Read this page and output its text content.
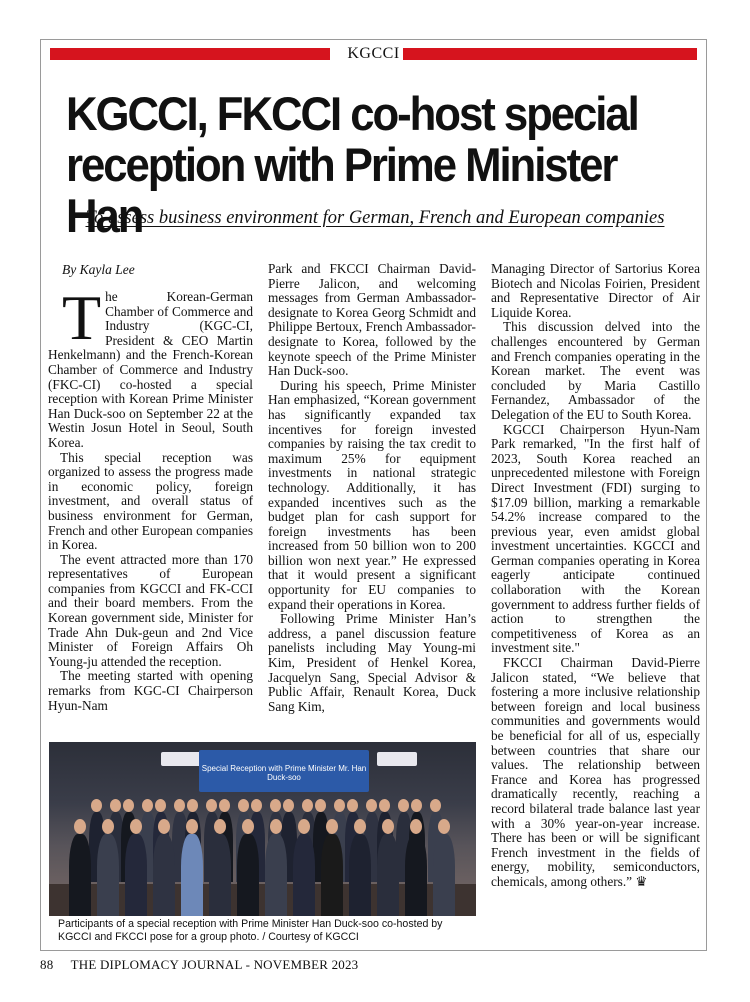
KGCCI
KGCCI, FKCCI co-host special reception with Prime Minister Han
To assess business environment for German, French and European companies
By Kayla Lee

The Korean-German Chamber of Commerce and Industry (KGC-CI, President & CEO Martin Henkelmann) and the French-Korean Chamber of Commerce and Industry (FKC-CI) co-hosted a special reception with Korean Prime Minister Han Duck-soo on September 22 at the Westin Josun Hotel in Seoul, South Korea.

This special reception was organized to assess the progress made in economic policy, foreign investment, and overall status of business environment for German, French and other European companies in Korea.

The event attracted more than 170 representatives of European companies from KGCCI and FK-CCI and their board members. From the Korean government side, Minister for Trade Ahn Duk-geun and 2nd Vice Minister of Foreign Affairs Oh Young-ju attended the reception.

The meeting started with opening remarks from KGC-CI Chairperson Hyun-Nam

Park and FKCCI Chairman David-Pierre Jalicon, and welcoming messages from German Ambassador-designate to Korea Georg Schmidt and Philippe Bertoux, French Ambassador-designate to Korea, followed by the keynote speech of the Prime Minister Han Duck-soo.

During his speech, Prime Minister Han emphasized, “Korean government has significantly expanded tax incentives for foreign invested companies by raising the tax credit to maximum 25% for equipment investments in national strategic technology. Additionally, it has expanded incentives such as the budget plan for cash support for foreign investments has been increased from 50 billion won to 200 billion won next year.” He expressed that it would present a significant opportunity for EU companies to expand their operations in Korea.

Following Prime Minister Han’s address, a panel discussion feature panelists including May Young-mi Kim, President of Henkel Korea, Jacquelyn Sang, Special Advisor & Public Affair, Renault Korea, Duck Sang Kim,

Managing Director of Sartorius Korea Biotech and Nicolas Foirien, President and Representative Director of Air Liquide Korea.

This discussion delved into the challenges encountered by German and French companies operating in the Korean market. The event was concluded by Maria Castillo Fernandez, Ambassador of the Delegation of the EU to South Korea.

KGCCI Chairperson Hyun-Nam Park remarked, "In the first half of 2023, South Korea reached an unprecedented milestone with Foreign Direct Investment (FDI) surging to $17.09 billion, marking a remarkable 54.2% increase compared to the previous year, even amidst global investment uncertainties. KGCCI and German companies operating in Korea eagerly anticipate continued collaboration with the Korean government to address further fields of action to strengthen the competitiveness of Korea as an investment site."

FKCCI Chairman David-Pierre Jalicon stated, “We believe that fostering a more inclusive relationship between foreign and local business communities and governments would be beneficial for all of us, especially between countries that share our values. The relationship between France and Korea has progressed dramatically recently, reaching a record bilateral trade balance last year with a 30% year-on-year increase. There has been or will be significant French investment in the fields of energy, mobility, semiconductors, chemicals, among others.” ♛

Special Reception with Prime Minister Mr. Han Duck-soo
Participants of a special reception with Prime Minister Han Duck-soo co-hosted by KGCCI and FKCCI pose for a group photo. / Courtesy of KGCCI
88 THE DIPLOMACY JOURNAL - NOVEMBER 2023
